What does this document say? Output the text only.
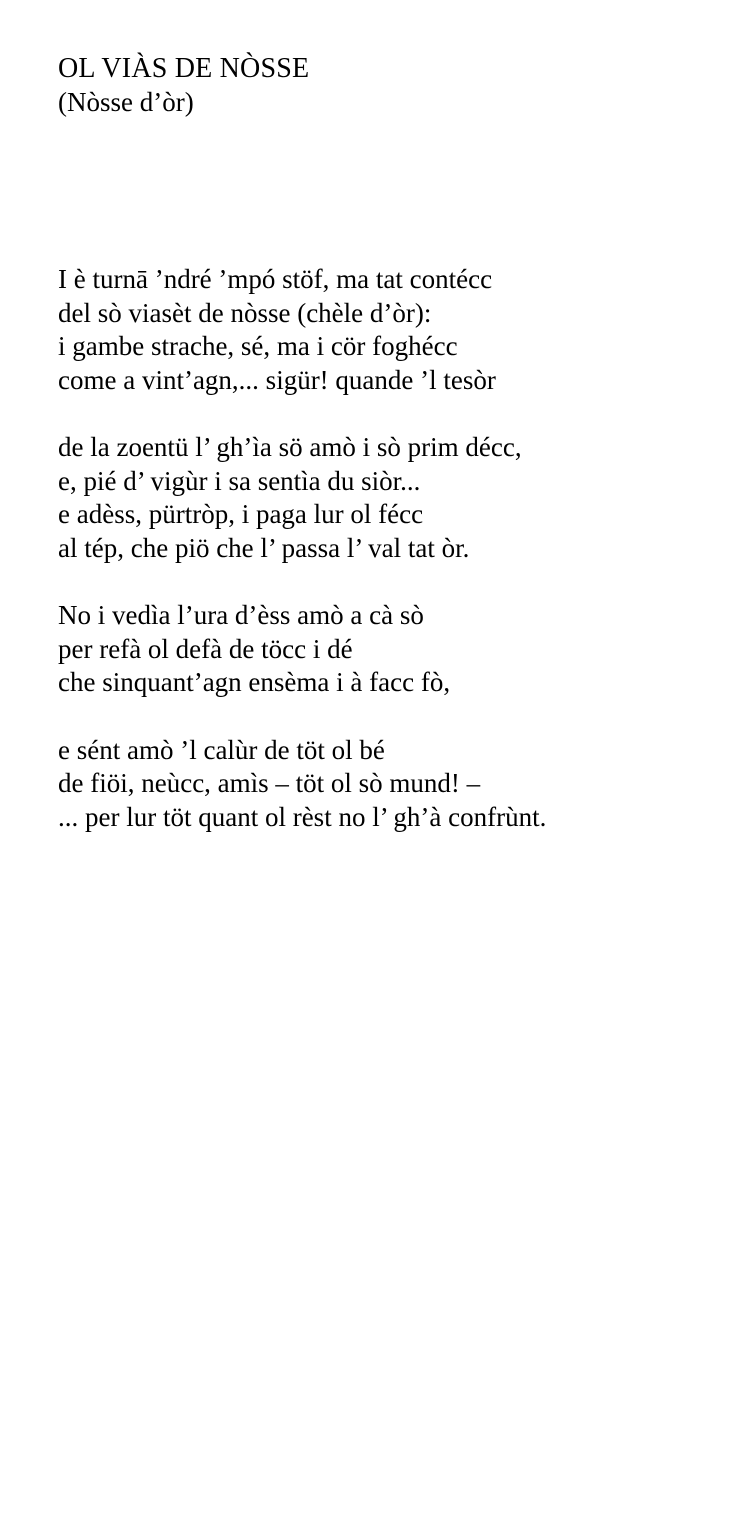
OL VIÀS DE NÒSSE

(Nòsse d’òr)

I è turnā ’ndré ’mpó stöf, ma tat contécc
del sò viasèt de nòsse (chèle d’òr):
i gambe strache, sé, ma i cör foghécc
come a vint’agn,... sigür! quande ’l tesòr
de la zoentü l’ gh’ìa sö amò i sò prim décc,
e, pié d’ vigùr i sa sentìa du siòr...
e adèss, pürtròp, i paga lur ol fécc
al tép, che piö che l’ passa l’ val tat òr.
No i vedìa l’ura d’èss amò a cà sò
per refà ol defà de töcc i dé
che sinquant’agn ensèma i à facc fò,
e sént amò ’l calùr de töt ol bé
de fiöi, neùcc, amìs – töt ol sò mund! –
... per lur töt quant ol rèst no l’ gh’à confrùnt.
